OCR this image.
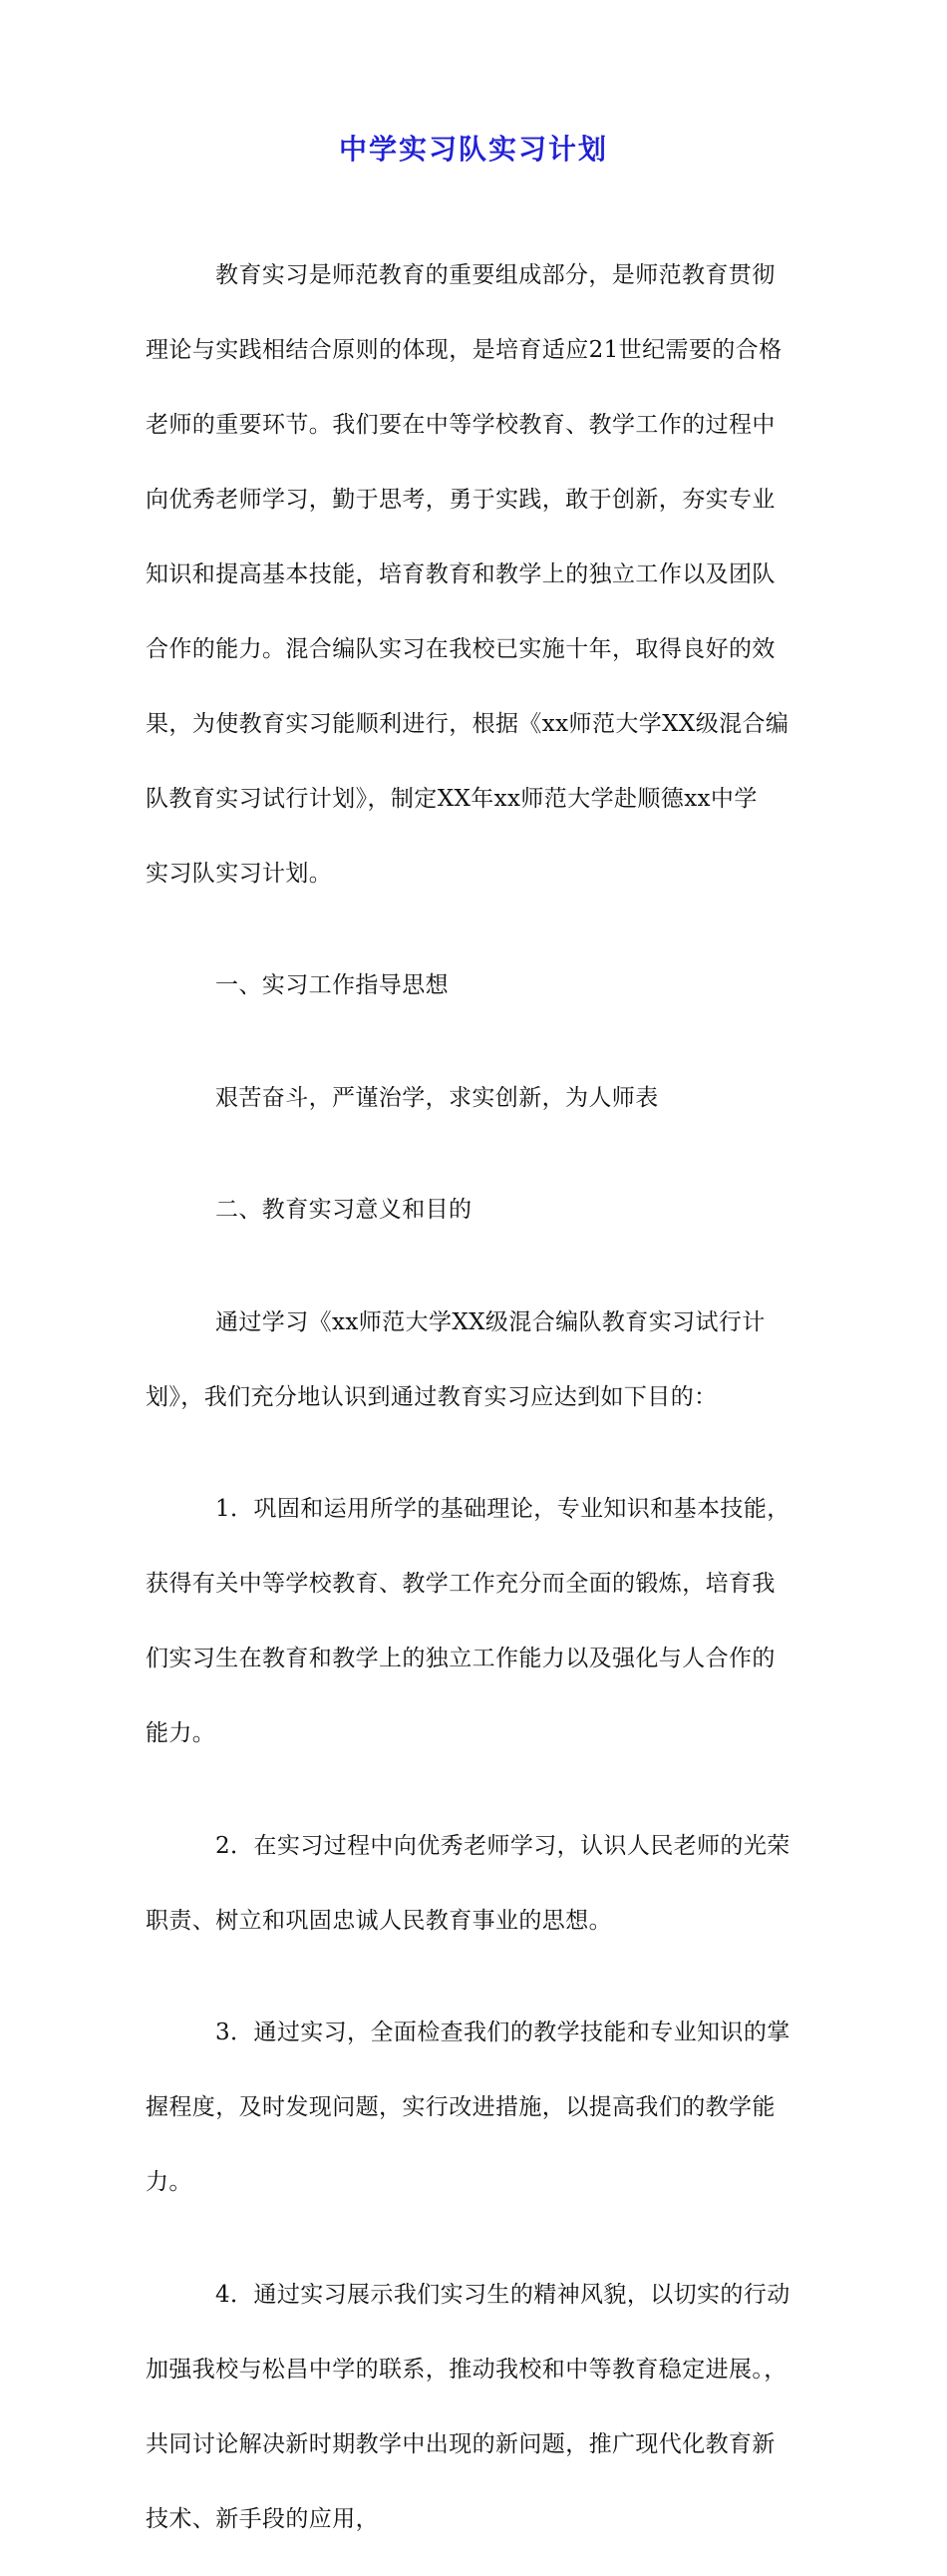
中学实习队实习计划

教育实习是师范教育的重要组成部分，是师范教育贯彻

理论与实践相结合原则的体现，是培育适应21世纪需要的合格

老师的重要环节。我们要在中等学校教育、教学工作的过程中

向优秀老师学习，勤于思考，勇于实践，敢于创新，夯实专业

知识和提高基本技能，培育教育和教学上的独立工作以及团队

合作的能力。混合编队实习在我校已实施十年，取得良好的效

果，为使教育实习能顺利进行，根据《xx师范大学XX级混合编

队教育实习试行计划》，制定XX年xx师范大学赴顺德xx中学

实习队实习计划。

一、实习工作指导思想

艰苦奋斗，严谨治学，求实创新，为人师表

二、教育实习意义和目的

通过学习《xx师范大学XX级混合编队教育实习试行计

划》，我们充分地认识到通过教育实习应达到如下目的：

1．巩固和运用所学的基础理论，专业知识和基本技能，

获得有关中等学校教育、教学工作充分而全面的锻炼，培育我

们实习生在教育和教学上的独立工作能力以及强化与人合作的

能力。

2．在实习过程中向优秀老师学习，认识人民老师的光荣

职责、树立和巩固忠诚人民教育事业的思想。

3．通过实习，全面检查我们的教学技能和专业知识的掌

握程度，及时发现问题，实行改进措施，以提高我们的教学能

力。

4．通过实习展示我们实习生的精神风貌，以切实的行动

加强我校与松昌中学的联系，推动我校和中等教育稳定进展。，

共同讨论解决新时期教学中出现的新问题，推广现代化教育新

技术、新手段的应用，
